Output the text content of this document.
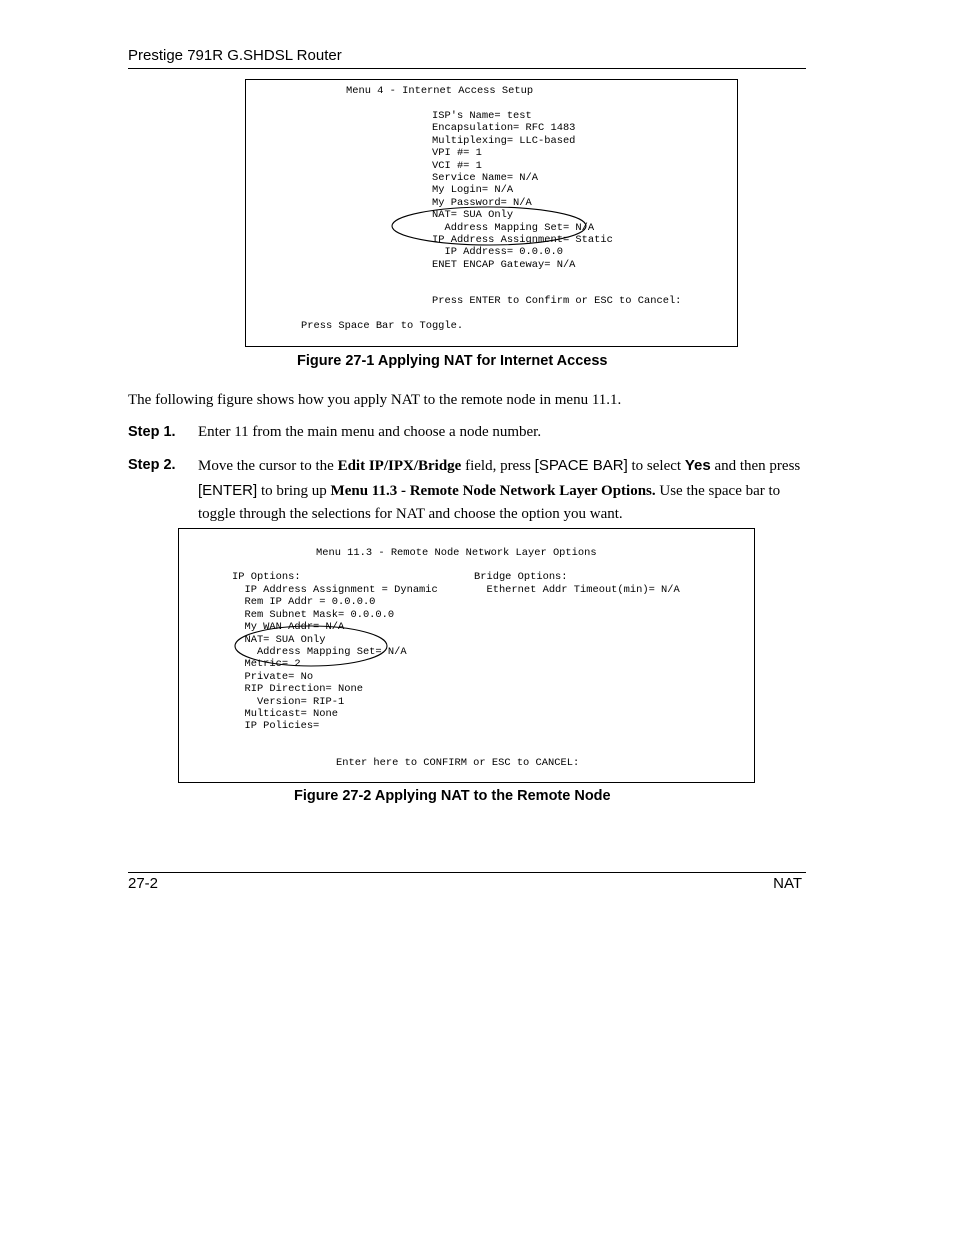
Prestige 791R G.SHDSL Router
Menu 4 - Internet Access Setup
ISP's Name= test
Encapsulation= RFC 1483
Multiplexing= LLC-based
VPI #= 1
VCI #= 1
Service Name= N/A
My Login= N/A
My Password= N/A
NAT= SUA Only
Address Mapping Set= N/A
IP Address Assignment= Static
IP Address= 0.0.0.0
ENET ENCAP Gateway= N/A
Press ENTER to Confirm or ESC to Cancel:
Press Space Bar to Toggle.
Figure 27-1 Applying NAT for Internet Access
The following figure shows how you apply NAT to the remote node in menu 11.1.
Step 1. Enter 11 from the main menu and choose a node number.
Step 2. Move the cursor to the Edit IP/IPX/Bridge field, press [SPACE BAR] to select Yes and then press [ENTER] to bring up Menu 11.3 - Remote Node Network Layer Options. Use the space bar to toggle through the selections for NAT and choose the option you want.
Menu 11.3 - Remote Node Network Layer Options
IP Options:
IP Address Assignment = Dynamic
Rem IP Addr = 0.0.0.0
Rem Subnet Mask= 0.0.0.0
My WAN Addr= N/A
NAT= SUA Only
Address Mapping Set= N/A
Metric= 2
Private= No
RIP Direction= None
Version= RIP-1
Multicast= None
IP Policies=
Bridge Options:
Ethernet Addr Timeout(min)= N/A
Enter here to CONFIRM or ESC to CANCEL:
Figure 27-2 Applying NAT to the Remote Node
27-2	NAT
